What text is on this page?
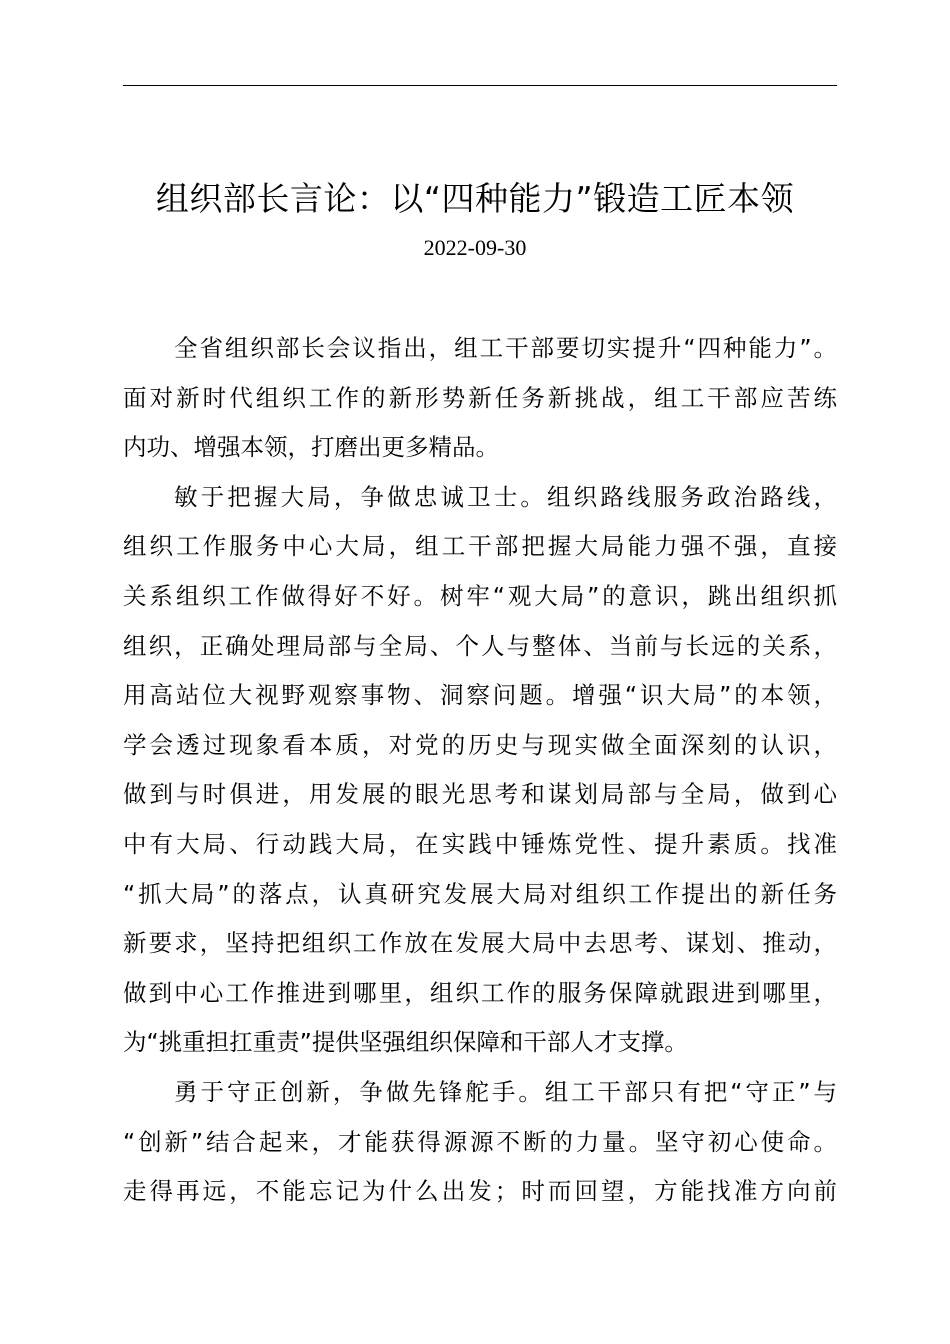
组织部长言论：以“四种能力”锻造工匠本领
2022-09-30
全省组织部长会议指出，组工干部要切实提升“四种能力”。
面对新时代组织工作的新形势新任务新挑战，组工干部应苦练
内功、增强本领，打磨出更多精品。
敏于把握大局，争做忠诚卫士。组织路线服务政治路线，
组织工作服务中心大局，组工干部把握大局能力强不强，直接
关系组织工作做得好不好。树牢“观大局”的意识，跳出组织抓
组织，正确处理局部与全局、个人与整体、当前与长远的关系，
用高站位大视野观察事物、洞察问题。增强“识大局”的本领，
学会透过现象看本质，对党的历史与现实做全面深刻的认识，
做到与时俱进，用发展的眼光思考和谋划局部与全局，做到心
中有大局、行动践大局，在实践中锤炼党性、提升素质。找准
“抓大局”的落点，认真研究发展大局对组织工作提出的新任务
新要求，坚持把组织工作放在发展大局中去思考、谋划、推动，
做到中心工作推进到哪里，组织工作的服务保障就跟进到哪里，
为“挑重担扛重责”提供坚强组织保障和干部人才支撑。
勇于守正创新，争做先锋舵手。组工干部只有把“守正”与
“创新”结合起来，才能获得源源不断的力量。坚守初心使命。
走得再远，不能忘记为什么出发；时而回望，方能找准方向前
